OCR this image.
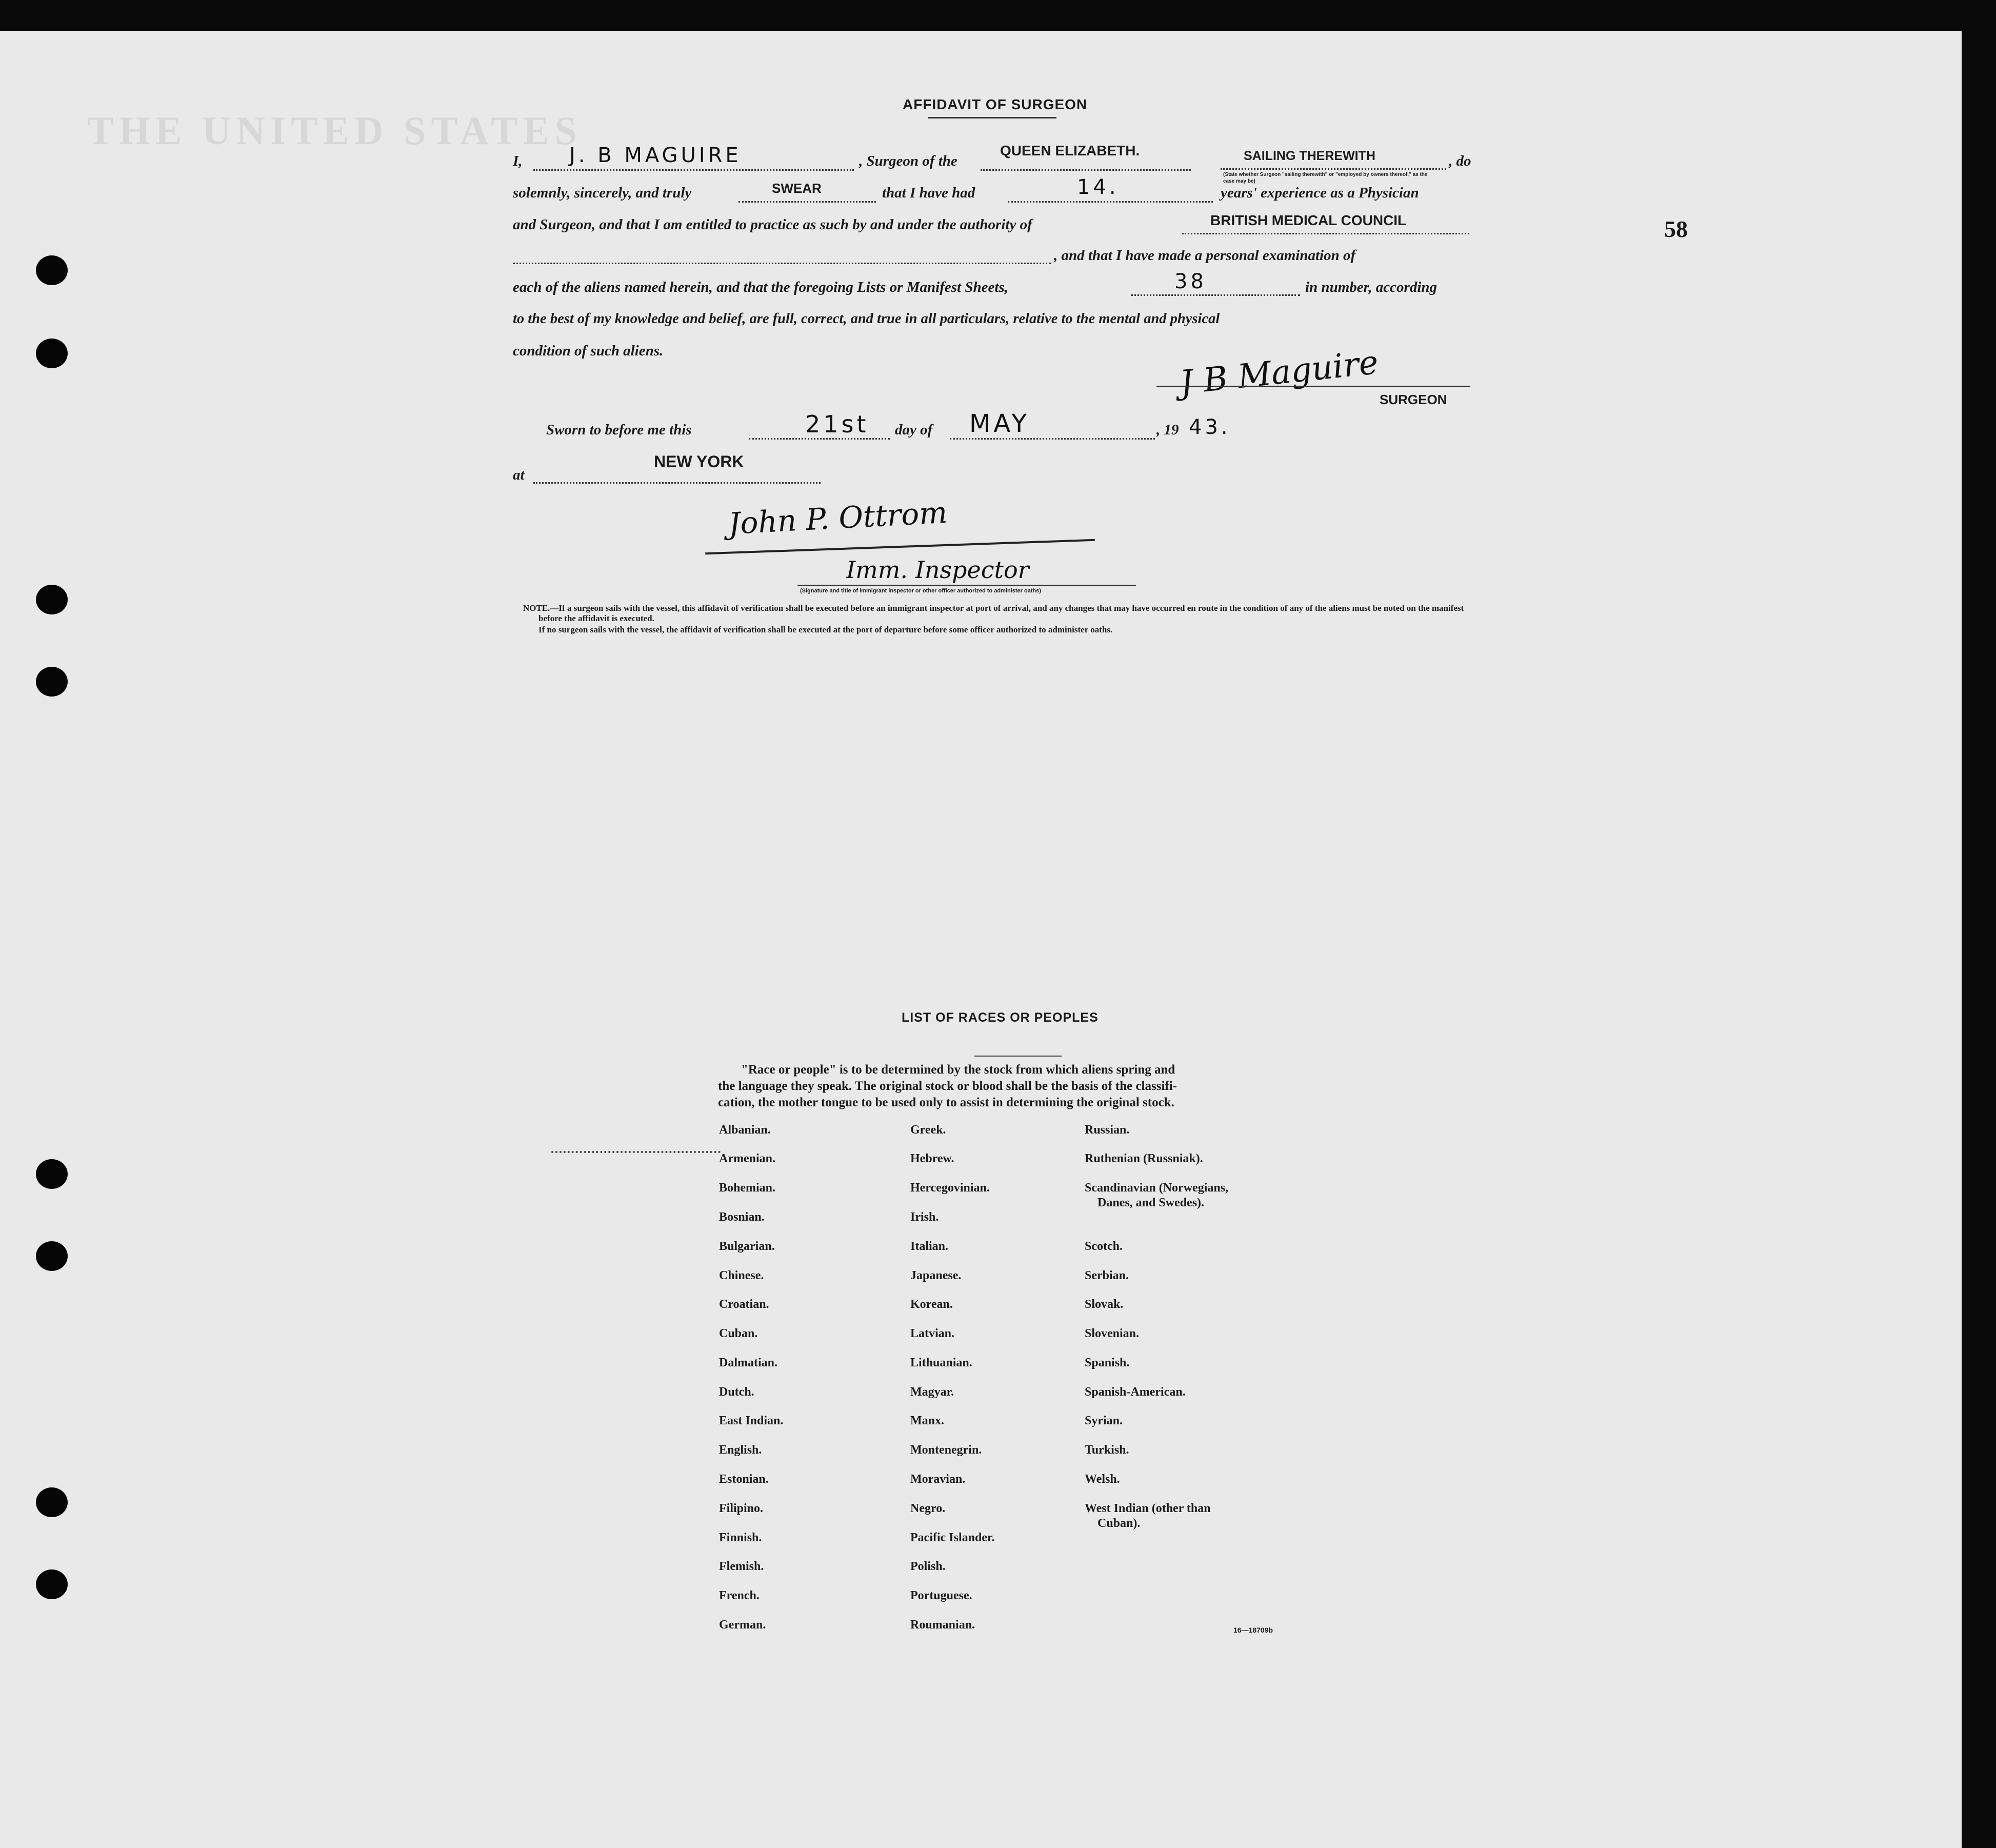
THE UNITED STATES
58
AFFIDAVIT OF SURGEON
I, J. B MAGUIRE	, Surgeon of the
QUEEN ELIZABETH.	SAILING THEREWITH
(State whether Surgeon "sailing therewith" or "employed by owners thereof," as the case may be)
, do
solemnly, sincerely, and truly	SWEAR	that I have had	14.	years' experience as a Physician
and Surgeon, and that I am entitled to practice as such by and under the authority of	BRITISH MEDICAL COUNCIL
, and that I have made a personal examination of
each of the aliens named herein, and that the foregoing Lists or Manifest Sheets,	38	in number, according
to the best of my knowledge and belief, are full, correct, and true in all particulars, relative to the mental and physical
condition of such aliens.	J B Maguire SURGEON
Sworn to before me this	21st day of MAY	, 19 43.
at
NEW YORK
John P. Ottrom
Imm. Inspector
(Signature and title of immigrant inspector or other officer authorized to administer oaths)
NOTE.—If a surgeon sails with the vessel, this affidavit of verification shall be executed before an immigrant inspector at port of arrival, and any changes that may have occurred en route in the condition of any of the aliens must be noted on the manifest before the affidavit is executed.
If no surgeon sails with the vessel, the affidavit of verification shall be executed at the port of departure before some officer authorized to administer oaths.
LIST OF RACES OR PEOPLES
"Race or people" is to be determined by the stock from which aliens spring and
the language they speak. The original stock or blood shall be the basis of the classifi-
cation, the mother tongue to be used only to assist in determining the original stock.
Albanian.
Armenian.
Bohemian.
Bosnian.
Bulgarian.
Chinese.
Croatian.
Cuban.
Dalmatian.
Dutch.
East Indian.
English.
Estonian.
Filipino.
Finnish.
Flemish.
French.
German.
Greek.
Hebrew.
Hercegovinian.
Irish.
Italian.
Japanese.
Korean.
Latvian.
Lithuanian.
Magyar.
Manx.
Montenegrin.
Moravian.
Negro.
Pacific Islander.
Polish.
Portuguese.
Roumanian.
Russian.
Ruthenian (Russniak).
Scandinavian (Norwegians,
Danes, and Swedes).
Scotch.
Serbian.
Slovak.
Slovenian.
Spanish.
Spanish-American.
Syrian.
Turkish.
Welsh.
West Indian (other than
Cuban).
16—18709b
